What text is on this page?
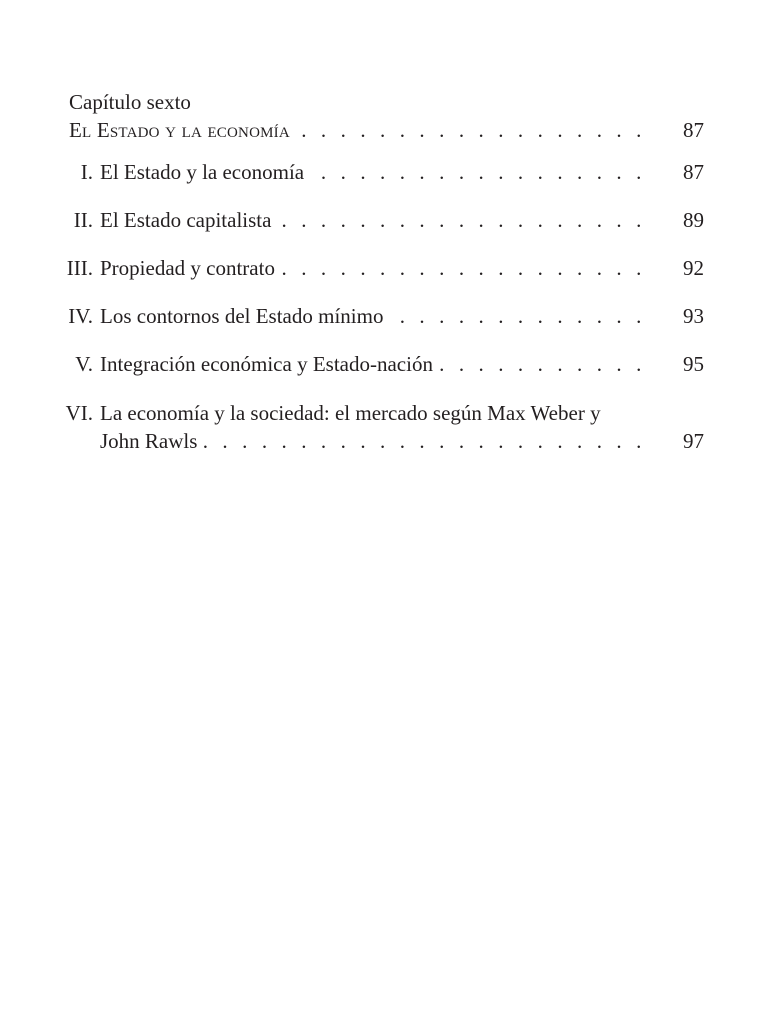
Capítulo sexto
El Estado y la economía . . .	87
I. El Estado y la economía . . .	87
II. El Estado capitalista . . .	89
III. Propiedad y contrato . . .	92
IV. Los contornos del Estado mínimo . . .	93
V. Integración económica y Estado-nación . . .	95
VI. La economía y la sociedad: el mercado según Max Weber y
John Rawls . . .	97
